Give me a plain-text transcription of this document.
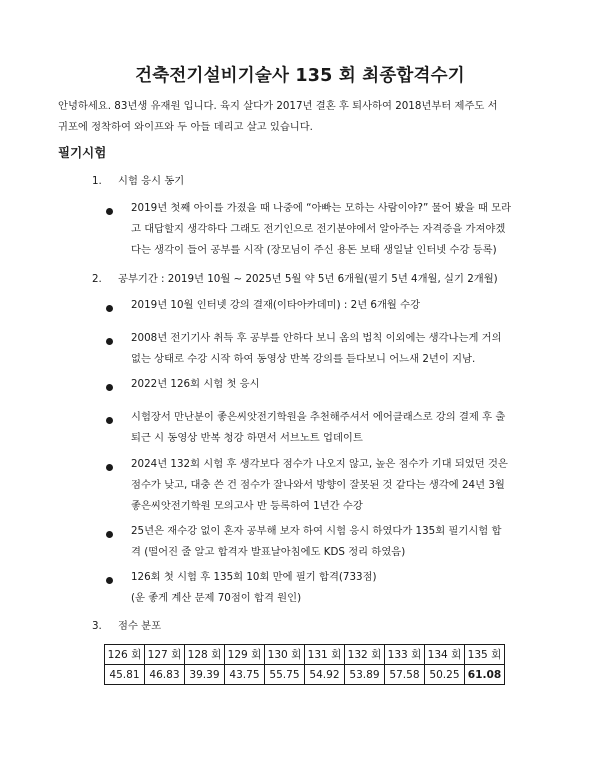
건축전기설비기술사 135 회 최종합격수기
안녕하세요. 83년생 유재원 입니다. 육지 살다가 2017년 결혼 후 퇴사하여 2018년부터 제주도 서
귀포에 정착하여 와이프와 두 아들 데리고 살고 있습니다.
필기시험
1. 시험 응시 동기
2019년 첫째 아이를 가졌을 때 나중에 “아빠는 모하는 사람이야?” 물어 봤을 때 모라
고 대답할지 생각하다 그래도 전기인으로 전기분야에서 알아주는 자격증을 가져야겠
다는 생각이 들어 공부를 시작 (장모님이 주신 용돈 보태 생일날 인터넷 수강 등록)
2. 공부기간 : 2019년 10월 ~ 2025년 5월 약 5년 6개월(필기 5년 4개월, 실기 2개월)
2019년 10월 인터넷 강의 결재(이타아카데미) : 2년 6개월 수강
2008년 전기기사 취득 후 공부를 안하다 보니 옴의 법칙 이외에는 생각나는게 거의
없는 상태로 수강 시작 하여 동영상 반복 강의를 듣다보니 어느새 2년이 지남.
2022년 126회 시험 첫 응시
시험장서 만난분이 좋은씨앗전기학원을 추천해주셔서 에어클래스로 강의 결제 후 출
퇴근 시 동영상 반복 청강 하면서 서브노트 업데이트
2024년 132회 시험 후 생각보다 점수가 나오지 않고, 높은 점수가 기대 되었던 것은
점수가 낮고, 대충 쓴 건 점수가 잘나와서 방향이 잘못된 것 같다는 생각에 24년 3월
좋은씨앗전기학원 모의고사 반 등록하여 1년간 수강
25년은 재수강 없이 혼자 공부해 보자 하여 시험 응시 하였다가 135회 필기시험 합
격 (떨어진 줄 알고 합격자 발표날아침에도 KDS 정리 하였음)
126회 첫 시험 후 135회 10회 만에 필기 합격(733점)
(운 좋게 계산 문제 70점이 합격 원인)
3. 점수 분포
126 회	127 회	128 회	129 회	130 회	131 회	132 회	133 회	134 회	135 회
45.81	46.83	39.39	43.75	55.75	54.92	53.89	57.58	50.25	61.08
